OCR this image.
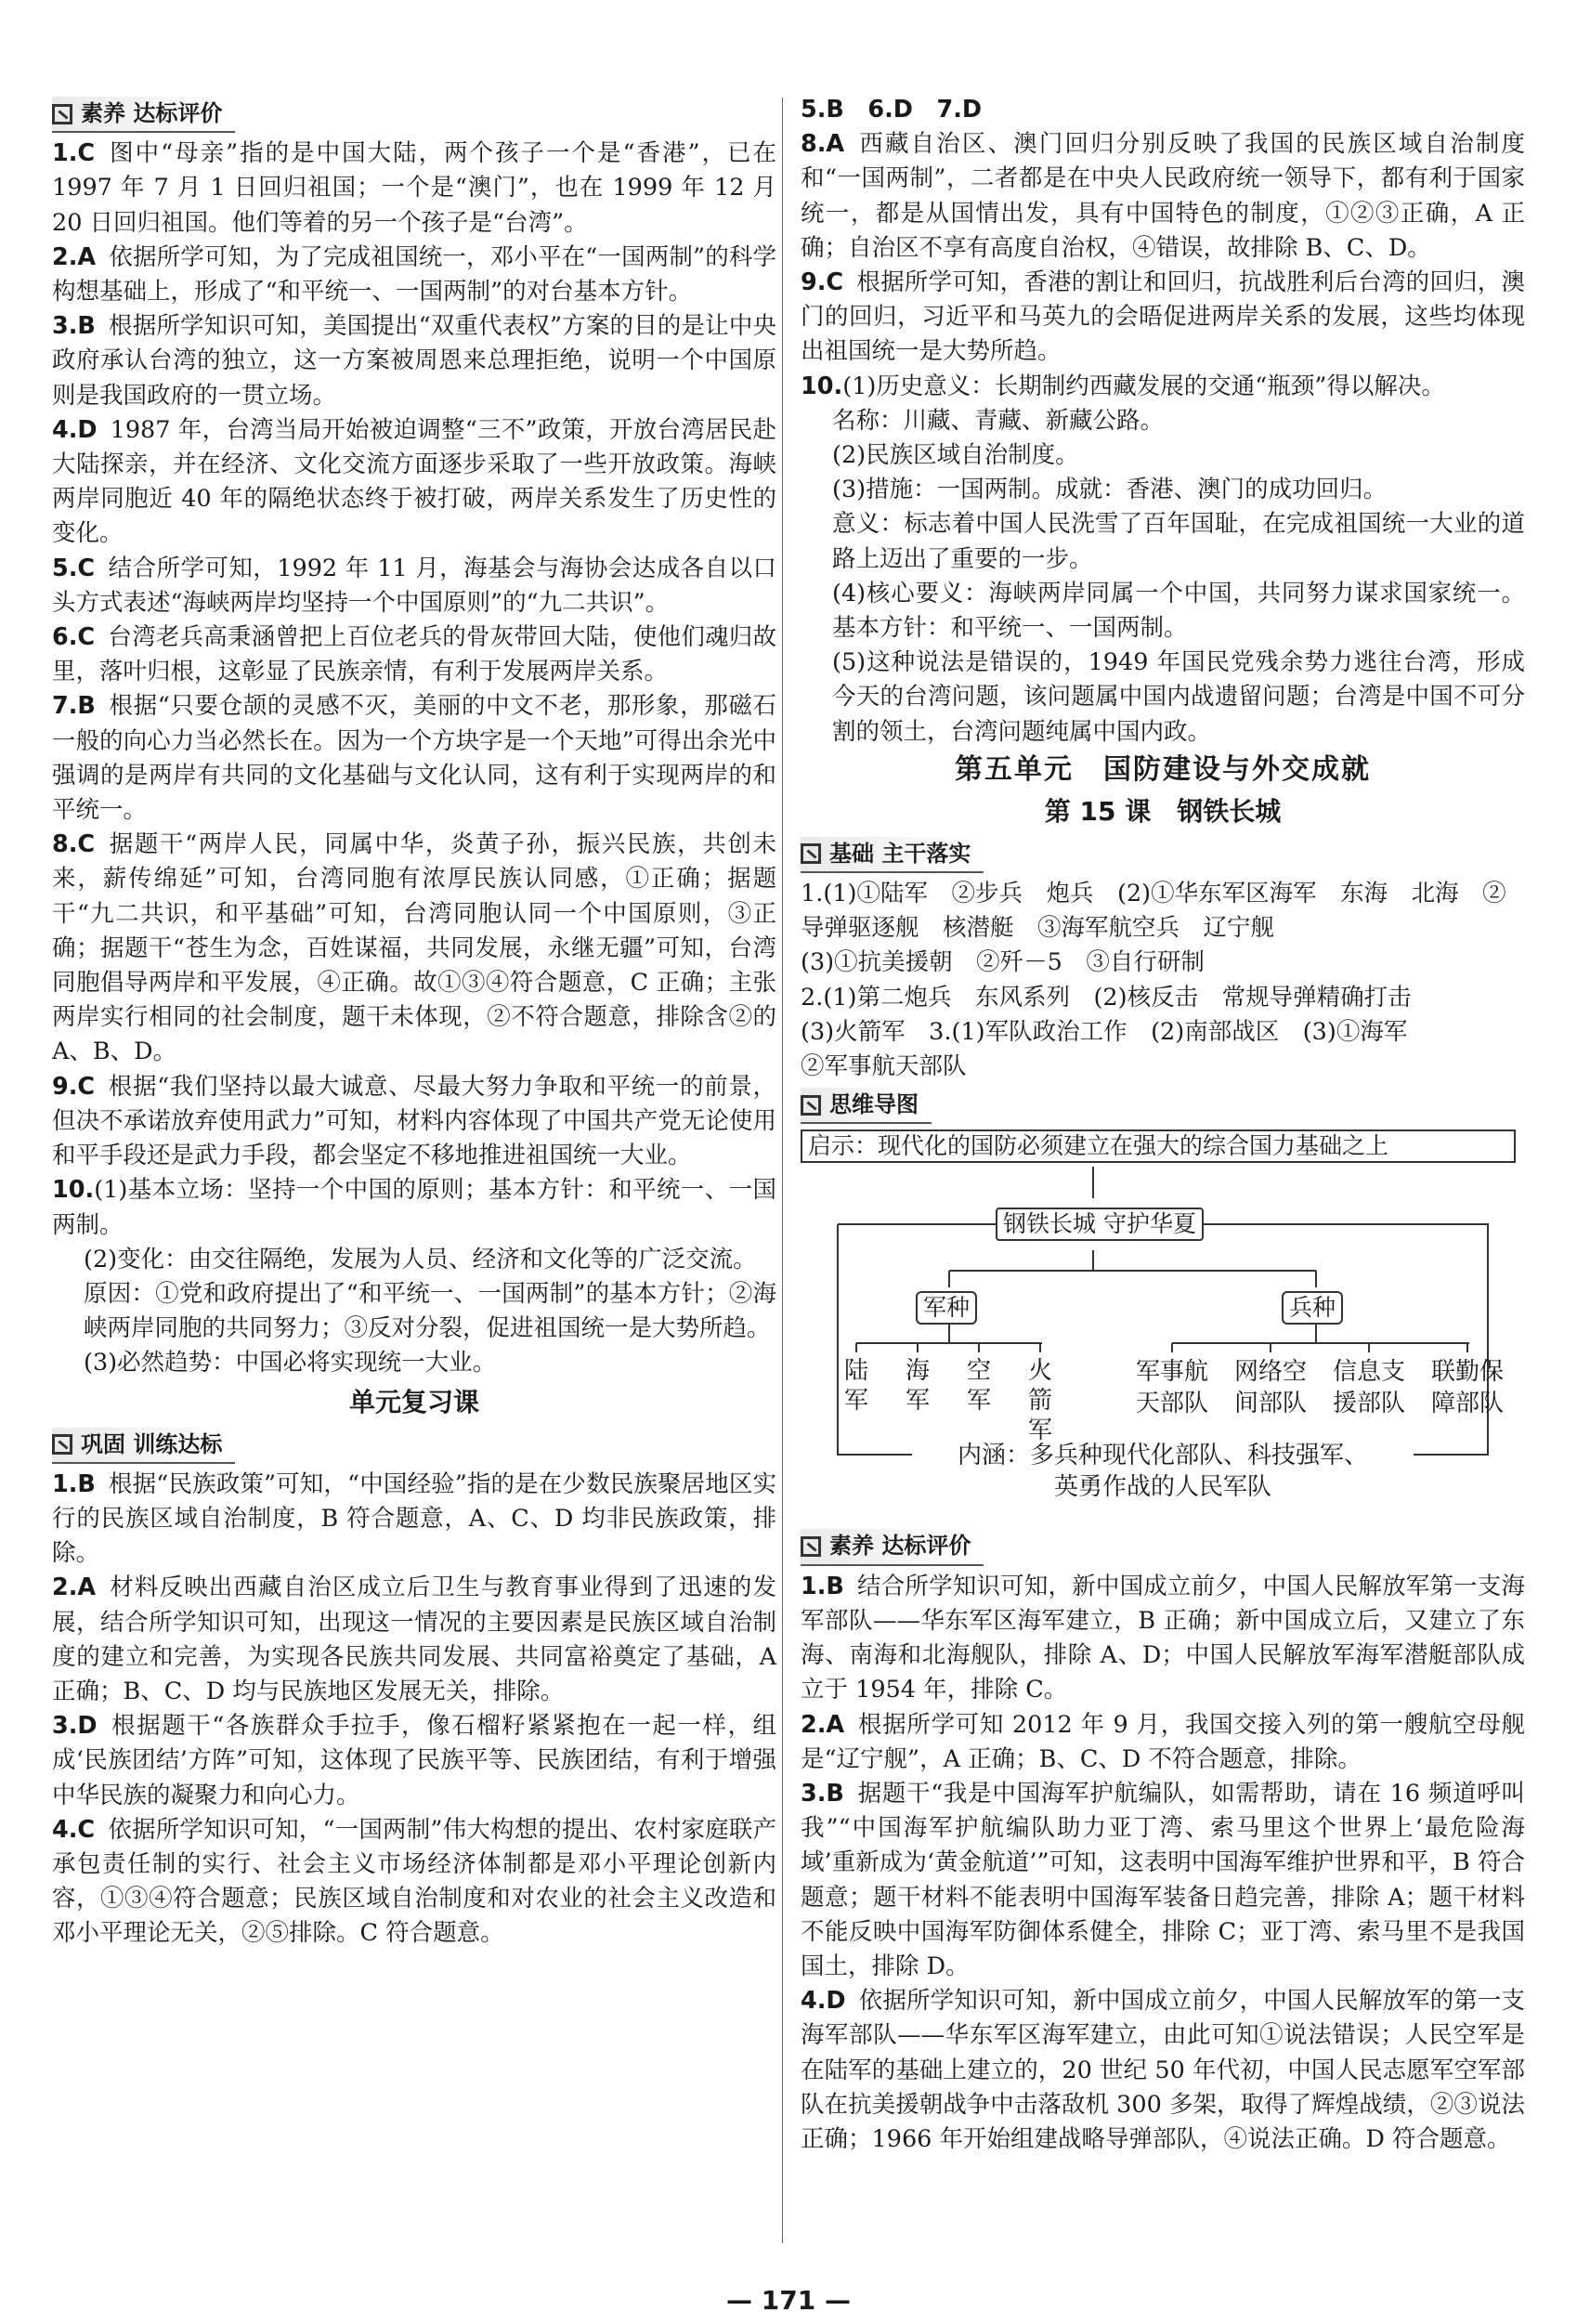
素养 达标评价
1.C 图中“母亲”指的是中国大陆，两个孩子一个是“香港”，已在 1997 年 7 月 1 日回归祖国；一个是“澳门”，也在 1999 年 12 月 20 日回归祖国。他们等着的另一个孩子是“台湾”。
2.A 依据所学可知，为了完成祖国统一，邓小平在“一国两制”的科学构想基础上，形成了“和平统一、一国两制”的对台基本方针。
3.B 根据所学知识可知，美国提出“双重代表权”方案的目的是让中央政府承认台湾的独立，这一方案被周恩来总理拒绝，说明一个中国原则是我国政府的一贯立场。
4.D 1987 年，台湾当局开始被迫调整“三不”政策，开放台湾居民赴大陆探亲，并在经济、文化交流方面逐步采取了一些开放政策。海峡两岸同胞近 40 年的隔绝状态终于被打破，两岸关系发生了历史性的变化。
5.C 结合所学可知，1992 年 11 月，海基会与海协会达成各自以口头方式表述“海峡两岸均坚持一个中国原则”的“九二共识”。
6.C 台湾老兵高秉涵曾把上百位老兵的骨灰带回大陆，使他们魂归故里，落叶归根，这彰显了民族亲情，有利于发展两岸关系。
7.B 根据“只要仓颉的灵感不灭，美丽的中文不老，那形象，那磁石一般的向心力当必然长在。因为一个方块字是一个天地”可得出余光中强调的是两岸有共同的文化基础与文化认同，这有利于实现两岸的和平统一。
8.C 据题干“两岸人民，同属中华，炎黄子孙，振兴民族，共创未来，薪传绵延”可知，台湾同胞有浓厚民族认同感，①正确；据题干“九二共识，和平基础”可知，台湾同胞认同一个中国原则，③正确；据题干“苍生为念，百姓谋福，共同发展，永继无疆”可知，台湾同胞倡导两岸和平发展，④正确。故①③④符合题意，C 正确；主张两岸实行相同的社会制度，题干未体现，②不符合题意，排除含②的 A、B、D。
9.C 根据“我们坚持以最大诚意、尽最大努力争取和平统一的前景，但决不承诺放弃使用武力”可知，材料内容体现了中国共产党无论使用和平手段还是武力手段，都会坚定不移地推进祖国统一大业。
10.(1)基本立场：坚持一个中国的原则；基本方针：和平统一、一国两制。
(2)变化：由交往隔绝，发展为人员、经济和文化等的广泛交流。
原因：①党和政府提出了“和平统一、一国两制”的基本方针；②海峡两岸同胞的共同努力；③反对分裂，促进祖国统一是大势所趋。
(3)必然趋势：中国必将实现统一大业。
单元复习课
巩固 训练达标
1.B 根据“民族政策”可知，“中国经验”指的是在少数民族聚居地区实行的民族区域自治制度，B 符合题意，A、C、D 均非民族政策，排除。
2.A 材料反映出西藏自治区成立后卫生与教育事业得到了迅速的发展，结合所学知识可知，出现这一情况的主要因素是民族区域自治制度的建立和完善，为实现各民族共同发展、共同富裕奠定了基础，A 正确；B、C、D 均与民族地区发展无关，排除。
3.D 根据题干“各族群众手拉手，像石榴籽紧紧抱在一起一样，组成‘民族团结’方阵”可知，这体现了民族平等、民族团结，有利于增强中华民族的凝聚力和向心力。
4.C 依据所学知识可知，“一国两制”伟大构想的提出、农村家庭联产承包责任制的实行、社会主义市场经济体制都是邓小平理论创新内容，①③④符合题意；民族区域自治制度和对农业的社会主义改造和邓小平理论无关，②⑤排除。C 符合题意。
5.B　6.D　7.D
8.A 西藏自治区、澳门回归分别反映了我国的民族区域自治制度和“一国两制”，二者都是在中央人民政府统一领导下，都有利于国家统一，都是从国情出发，具有中国特色的制度，①②③正确，A 正确；自治区不享有高度自治权，④错误，故排除 B、C、D。
9.C 根据所学可知，香港的割让和回归，抗战胜利后台湾的回归，澳门的回归，习近平和马英九的会晤促进两岸关系的发展，这些均体现出祖国统一是大势所趋。
10.(1)历史意义：长期制约西藏发展的交通“瓶颈”得以解决。
名称：川藏、青藏、新藏公路。
(2)民族区域自治制度。
(3)措施：一国两制。成就：香港、澳门的成功回归。
意义：标志着中国人民洗雪了百年国耻，在完成祖国统一大业的道路上迈出了重要的一步。
(4)核心要义：海峡两岸同属一个中国，共同努力谋求国家统一。基本方针：和平统一、一国两制。
(5)这种说法是错误的，1949 年国民党残余势力逃往台湾，形成今天的台湾问题，该问题属中国内战遗留问题；台湾是中国不可分割的领土，台湾问题纯属中国内政。
第五单元　国防建设与外交成就
第 15 课　钢铁长城
基础 主干落实
1.(1)①陆军　②步兵　炮兵　(2)①华东军区海军　东海　北海　②导弹驱逐舰　核潜艇　③海军航空兵　辽宁舰
(3)①抗美援朝　②歼－5　③自行研制
2.(1)第二炮兵　东风系列　(2)核反击　常规导弹精确打击
(3)火箭军　3.(1)军队政治工作　(2)南部战区　(3)①海军
②军事航天部队
思维导图
启示：现代化的国防必须建立在强大的综合国力基础之上
钢铁长城 守护华夏
军种	兵种
陆军
海军
空军
火箭军
军事航
天部队
网络空
间部队
信息支
援部队
联勤保
障部队
内涵：多兵种现代化部队、科技强军、
英勇作战的人民军队
素养 达标评价
1.B 结合所学知识可知，新中国成立前夕，中国人民解放军第一支海军部队——华东军区海军建立，B 正确；新中国成立后，又建立了东海、南海和北海舰队，排除 A、D；中国人民解放军海军潜艇部队成立于 1954 年，排除 C。
2.A 根据所学可知 2012 年 9 月，我国交接入列的第一艘航空母舰是“辽宁舰”，A 正确；B、C、D 不符合题意，排除。
3.B 据题干“我是中国海军护航编队，如需帮助，请在 16 频道呼叫我”“中国海军护航编队助力亚丁湾、索马里这个世界上‘最危险海域’重新成为‘黄金航道’”可知，这表明中国海军维护世界和平，B 符合题意；题干材料不能表明中国海军装备日趋完善，排除 A；题干材料不能反映中国海军防御体系健全，排除 C；亚丁湾、索马里不是我国国土，排除 D。
4.D 依据所学知识可知，新中国成立前夕，中国人民解放军的第一支海军部队——华东军区海军建立，由此可知①说法错误；人民空军是在陆军的基础上建立的，20 世纪 50 年代初，中国人民志愿军空军部队在抗美援朝战争中击落敌机 300 多架，取得了辉煌战绩，②③说法正确；1966 年开始组建战略导弹部队，④说法正确。D 符合题意。
— 171 —
